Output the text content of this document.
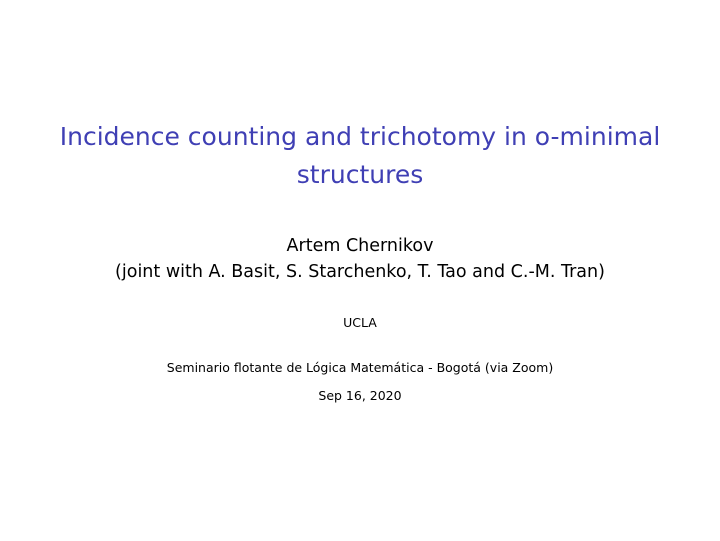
Incidence counting and trichotomy in o-minimal
structures
Artem Chernikov
(joint with A. Basit, S. Starchenko, T. Tao and C.-M. Tran)
UCLA
Seminario flotante de Lógica Matemática - Bogotá (via Zoom)
Sep 16, 2020
